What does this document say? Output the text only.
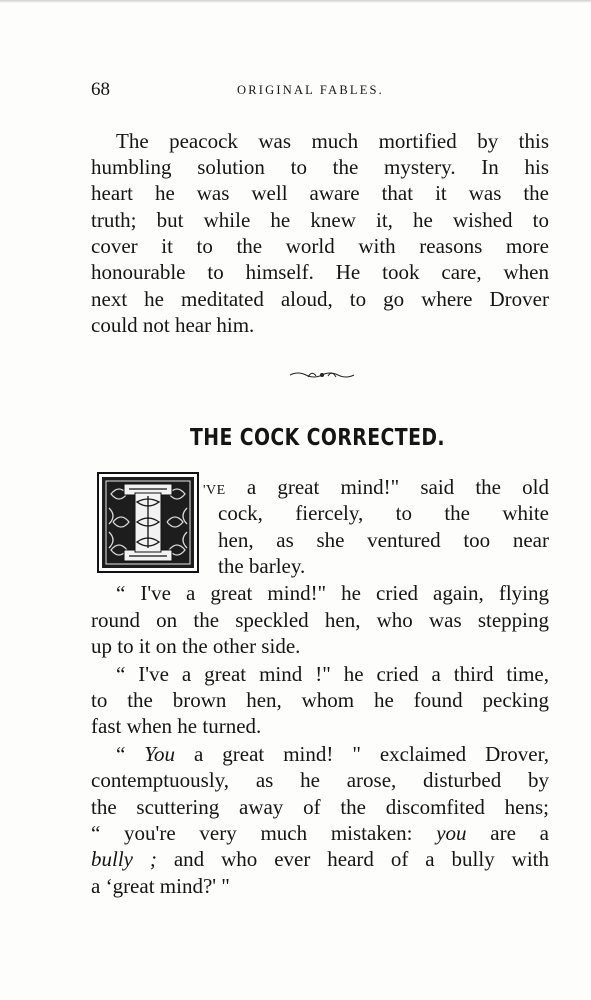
68	ORIGINAL FABLES.
The peacock was much mortified by this
humbling solution to the mystery. In his
heart he was well aware that it was the
truth; but while he knew it, he wished to
cover it to the world with reasons more
honourable to himself. He took care, when
next he meditated aloud, to go where Drover
could not hear him.
THE COCK CORRECTED.
'VE a great mind!" said the old
cock, fiercely, to the white
hen, as she ventured too near
the barley.
“ I've a great mind!" he cried again, flying
round on the speckled hen, who was stepping
up to it on the other side.
“ I've a great mind !" he cried a third time,
to the brown hen, whom he found pecking
fast when he turned.
“ You a great mind! " exclaimed Drover,
contemptuously, as he arose, disturbed by
the scuttering away of the discomfited hens;
“ you're very much mistaken: you are a
bully ; and who ever heard of a bully with
a ‘great mind?' "
